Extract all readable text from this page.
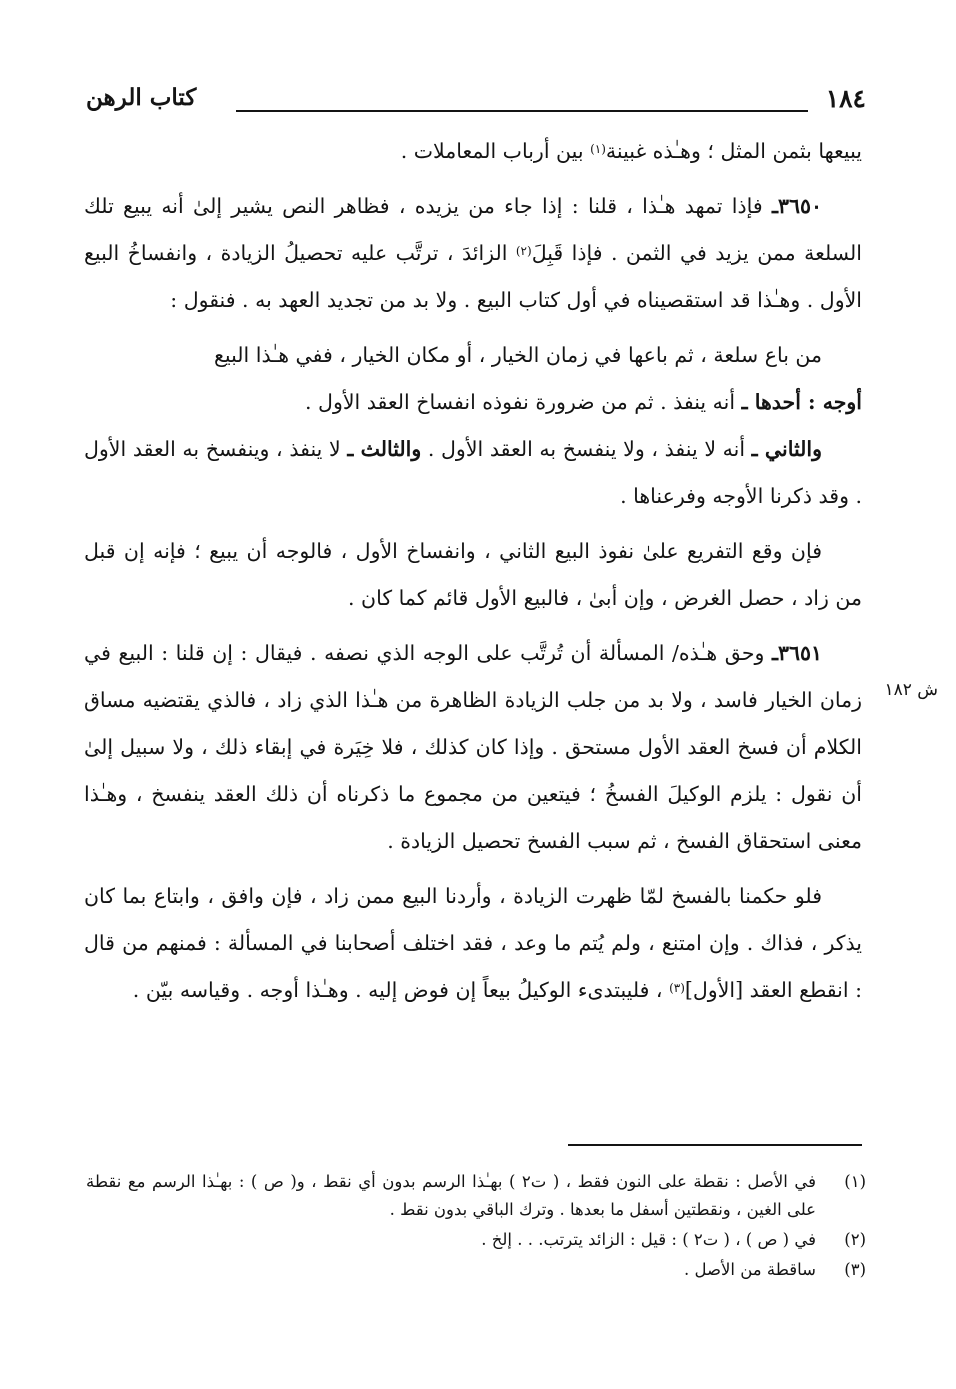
١٨٤
كتاب الرهن
ش ١٨٢

يبيعها بثمن المثل ؛ وهـٰذه غبينة$^{(١)}$ بين أرباب المعاملات .

٣٦٥٠ـ فإذا تمهد هـٰذا ، قلنا : إذا جاء من يزيده ، فظاهر النص يشير إلىٰ أنه يبيع تلك السلعة ممن يزيد في الثمن . فإذا قَبِلَ$^{(٢)}$ الزائدَ ، ترتَّب عليه تحصيلُ الزيادة ، وانفساخُ البيع الأول . وهـٰذا قد استقصيناه في أول كتاب البيع . ولا بد من تجديد العهد به . فنقول :

من باع سلعة ، ثم باعها في زمان الخيار ، أو مكان الخيار ، ففي هـٰذا البيع

أوجه : أحدها ـ أنه ينفذ . ثم من ضرورة نفوذه انفساخ العقد الأول .

والثاني ـ أنه لا ينفذ ، ولا ينفسخ به العقد الأول . والثالث ـ لا ينفذ ، وينفسخ به العقد الأول . وقد ذكرنا الأوجه وفرعناها .

فإن وقع التفريع علىٰ نفوذ البيع الثاني ، وانفساخ الأول ، فالوجه أن يبيع ؛ فإنه إن قبل من زاد ، حصل الغرض ، وإن أبىٰ ، فالبيع الأول قائم كما كان .

٣٦٥١ـ وحق هـٰذه/ المسألة أن تُرتَّب على الوجه الذي نصفه . فيقال : إن قلنا : البيع في زمان الخيار فاسد ، ولا بد من جلب الزيادة الظاهرة من هـٰذا الذي زاد ، فالذي يقتضيه مساق الكلام أن فسخ العقد الأول مستحق . وإذا كان كذلك ، فلا خِيَرة في إبقاء ذلك ، ولا سبيل إلىٰ أن نقول : يلزم الوكيلَ الفسخُ ؛ فيتعين من مجموع ما ذكرناه أن ذلك العقد ينفسخ ، وهـٰذا معنى استحقاق الفسخ ، ثم سبب الفسخ تحصيل الزيادة .

فلو حكمنا بالفسخ لمّا ظهرت الزيادة ، وأردنا البيع ممن زاد ، فإن وافق ، وابتاع بما كان يذكر ، فذاك . وإن امتنع ، ولم يُتم ما وعد ، فقد اختلف أصحابنا في المسألة : فمنهم من قال : انقطع العقد [الأول]$^{(٣)}$ ، فليبتدىء الوكيلُ بيعاً إن فوض إليه . وهـٰذا أوجه . وقياسه بيّن .

(١)
في الأصل : نقطة على النون فقط ، ( ت٢ ) بهـٰذا الرسم بدون أي نقط ، و( ص ) : بهـٰذا الرسم مع نقطة على الغين ، ونقطتين أسفل ما بعدها . وترك الباقي بدون نقط .
(٢)
في ( ص ) ، ( ت٢ ) : قيل : الزائد يترتب. . . إلخ .
(٣)
ساقطة من الأصل .
